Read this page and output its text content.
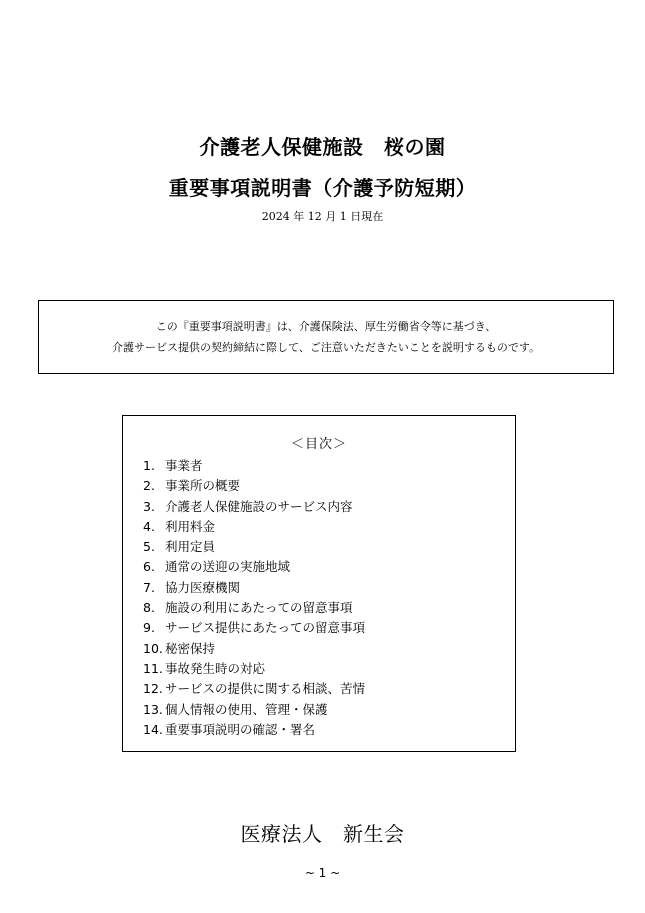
介護老人保健施設　桜の園
重要事項説明書（介護予防短期）
2024 年 12 月 1 日現在
この『重要事項説明書』は、介護保険法、厚生労働省令等に基づき、
介護サービス提供の契約締結に際して、ご注意いただきたいことを説明するものです。
＜目次＞
1. 事業者
2. 事業所の概要
3. 介護老人保健施設のサービス内容
4. 利用料金
5. 利用定員
6. 通常の送迎の実施地域
7. 協力医療機関
8. 施設の利用にあたっての留意事項
9. サービス提供にあたっての留意事項
10. 秘密保持
11. 事故発生時の対応
12. サービスの提供に関する相談、苦情
13. 個人情報の使用、管理・保護
14. 重要事項説明の確認・署名
医療法人　新生会
~ 1 ~
